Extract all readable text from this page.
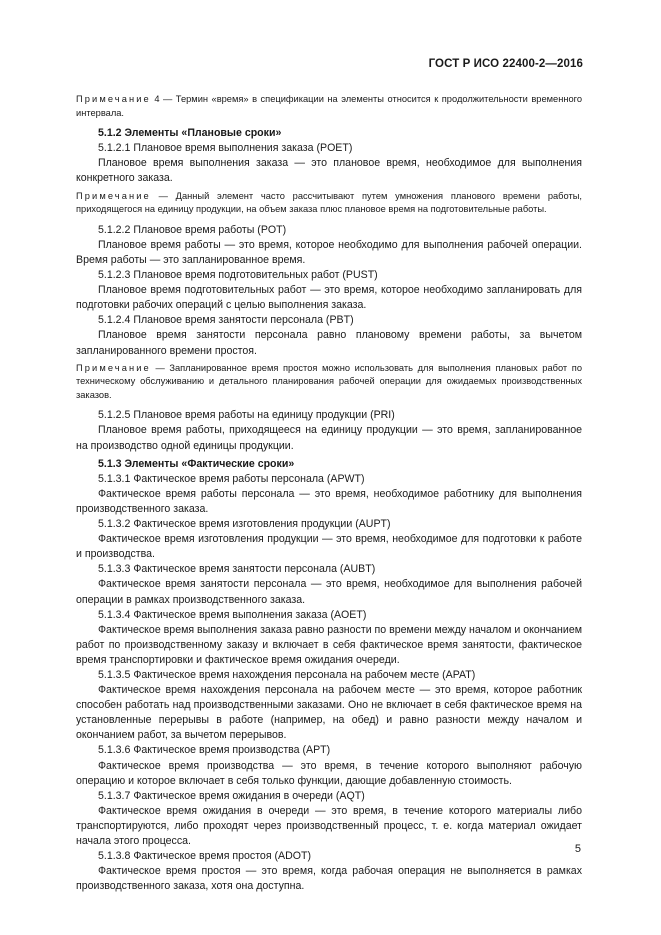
ГОСТ Р ИСО 22400-2—2016
Примечание 4 — Термин «время» в спецификации на элементы относится к продолжительности временного интервала.
5.1.2 Элементы «Плановые сроки»
5.1.2.1 Плановое время выполнения заказа (POET)
Плановое время выполнения заказа — это плановое время, необходимое для выполнения конкретного заказа.
Примечание — Данный элемент часто рассчитывают путем умножения планового времени работы, приходящегося на единицу продукции, на объем заказа плюс плановое время на подготовительные работы.
5.1.2.2 Плановое время работы (POT)
Плановое время работы — это время, которое необходимо для выполнения рабочей операции. Время работы — это запланированное время.
5.1.2.3 Плановое время подготовительных работ (PUST)
Плановое время подготовительных работ — это время, которое необходимо запланировать для подготовки рабочих операций с целью выполнения заказа.
5.1.2.4 Плановое время занятости персонала (PBT)
Плановое время занятости персонала равно плановому времени работы, за вычетом запланированного времени простоя.
Примечание — Запланированное время простоя можно использовать для выполнения плановых работ по техническому обслуживанию и детального планирования рабочей операции для ожидаемых производственных заказов.
5.1.2.5 Плановое время работы на единицу продукции (PRI)
Плановое время работы, приходящееся на единицу продукции — это время, запланированное на производство одной единицы продукции.
5.1.3 Элементы «Фактические сроки»
5.1.3.1 Фактическое время работы персонала (APWT)
Фактическое время работы персонала — это время, необходимое работнику для выполнения производственного заказа.
5.1.3.2 Фактическое время изготовления продукции (AUPT)
Фактическое время изготовления продукции — это время, необходимое для подготовки к работе и производства.
5.1.3.3 Фактическое время занятости персонала (AUBT)
Фактическое время занятости персонала — это время, необходимое для выполнения рабочей операции в рамках производственного заказа.
5.1.3.4 Фактическое время выполнения заказа (AOET)
Фактическое время выполнения заказа равно разности по времени между началом и окончанием работ по производственному заказу и включает в себя фактическое время занятости, фактическое время транспортировки и фактическое время ожидания очереди.
5.1.3.5 Фактическое время нахождения персонала на рабочем месте (APAT)
Фактическое время нахождения персонала на рабочем месте — это время, которое работник способен работать над производственными заказами. Оно не включает в себя фактическое время на установленные перерывы в работе (например, на обед) и равно разности между началом и окончанием работ, за вычетом перерывов.
5.1.3.6 Фактическое время производства (APT)
Фактическое время производства — это время, в течение которого выполняют рабочую операцию и которое включает в себя только функции, дающие добавленную стоимость.
5.1.3.7 Фактическое время ожидания в очереди (AQT)
Фактическое время ожидания в очереди — это время, в течение которого материалы либо транспортируются, либо проходят через производственный процесс, т. е. когда материал ожидает начала этого процесса.
5.1.3.8 Фактическое время простоя (ADOT)
Фактическое время простоя — это время, когда рабочая операция не выполняется в рамках производственного заказа, хотя она доступна.
5
